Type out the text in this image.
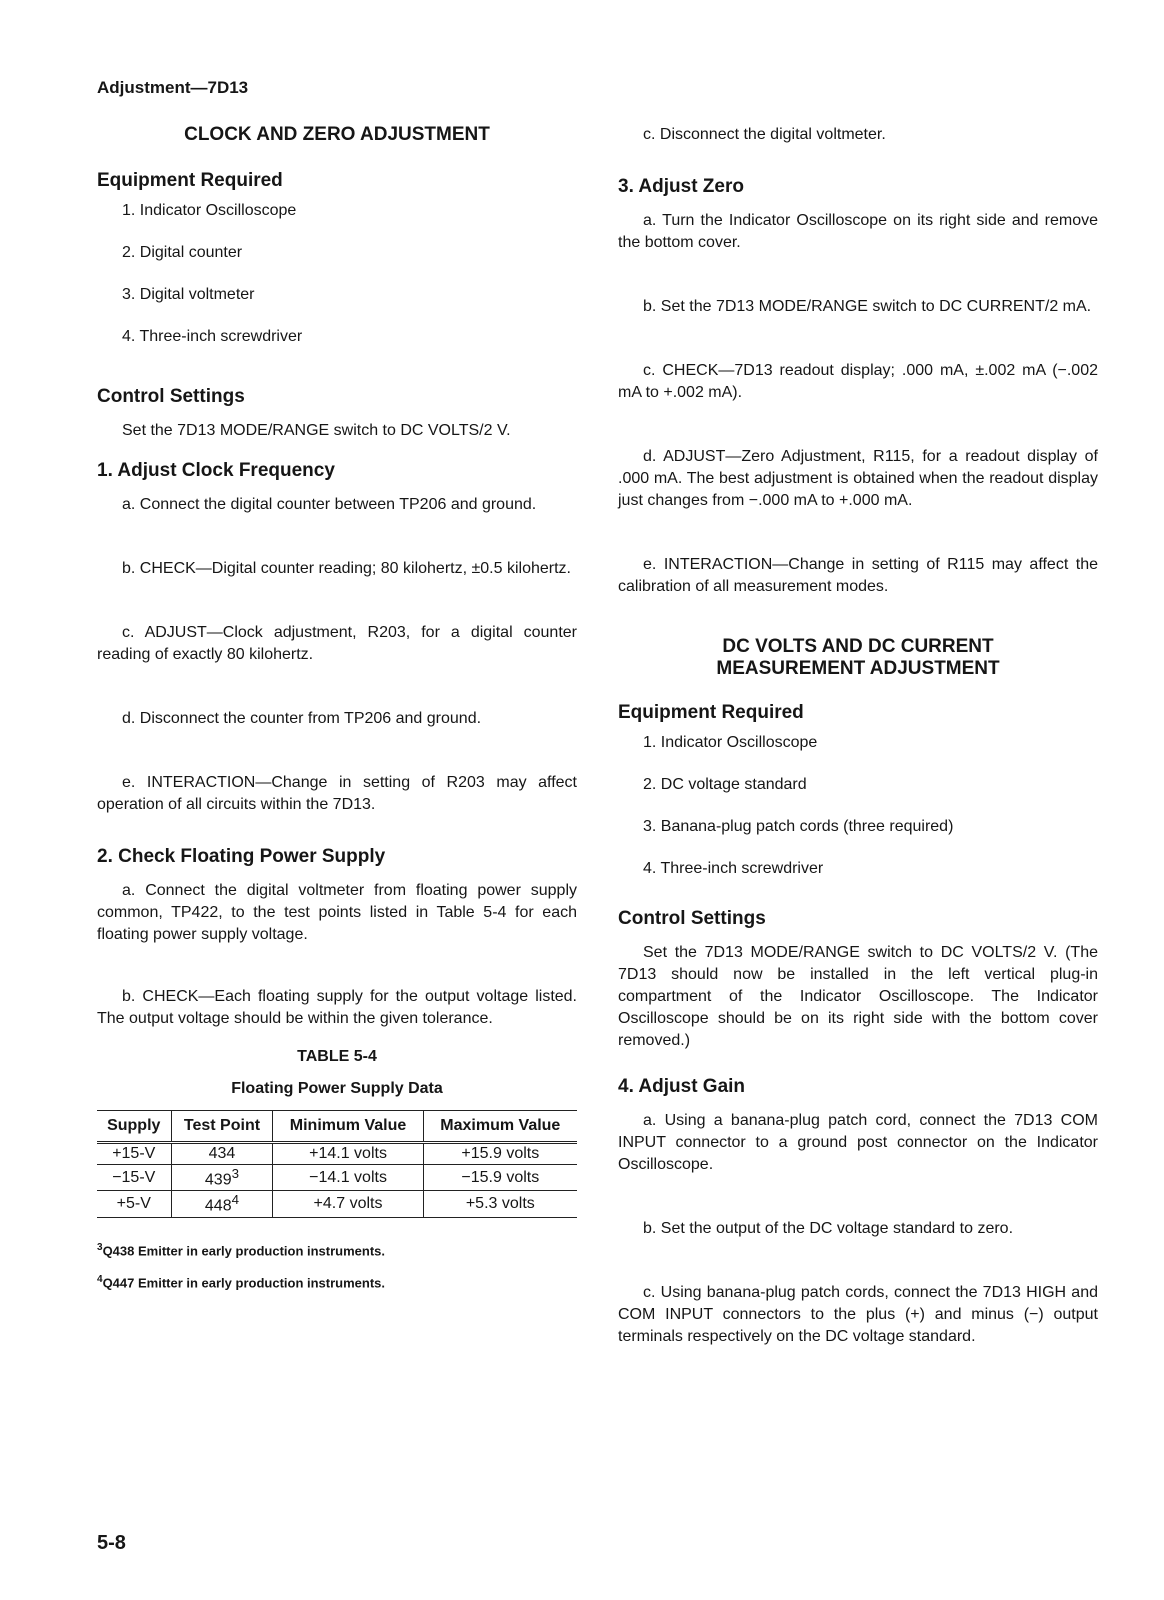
Adjustment—7D13
CLOCK AND ZERO ADJUSTMENT
Equipment Required
1. Indicator Oscilloscope
2. Digital counter
3. Digital voltmeter
4. Three-inch screwdriver
Control Settings

Set the 7D13 MODE/RANGE switch to DC VOLTS/2 V.

1. Adjust Clock Frequency

a. Connect the digital counter between TP206 and ground.

b. CHECK—Digital counter reading; 80 kilohertz, ±0.5 kilohertz.

c. ADJUST—Clock adjustment, R203, for a digital counter reading of exactly 80 kilohertz.

d. Disconnect the counter from TP206 and ground.

e. INTERACTION—Change in setting of R203 may affect operation of all circuits within the 7D13.

2. Check Floating Power Supply

a. Connect the digital voltmeter from floating power supply common, TP422, to the test points listed in Table 5-4 for each floating power supply voltage.

b. CHECK—Each floating supply for the output voltage listed. The output voltage should be within the given tolerance.

TABLE 5-4
Floating Power Supply Data
Supply	Test Point	Minimum Value	Maximum Value
+15-V	434	+14.1 volts	+15.9 volts
−15-V	$439^3$	−14.1 volts	−15.9 volts
+5-V	$448^4$	+4.7 volts	+5.3 volts
$^3$Q438 Emitter in early production instruments.
$^4$Q447 Emitter in early production instruments.

c. Disconnect the digital voltmeter.

3. Adjust Zero

a. Turn the Indicator Oscilloscope on its right side and remove the bottom cover.

b. Set the 7D13 MODE/RANGE switch to DC CURRENT/2 mA.

c. CHECK—7D13 readout display; .000 mA, ±.002 mA (−.002 mA to +.002 mA).

d. ADJUST—Zero Adjustment, R115, for a readout display of .000 mA. The best adjustment is obtained when the readout display just changes from −.000 mA to +.000 mA.

e. INTERACTION—Change in setting of R115 may affect the calibration of all measurement modes.

DC VOLTS AND DC CURRENT
MEASUREMENT ADJUSTMENT
Equipment Required
1. Indicator Oscilloscope
2. DC voltage standard
3. Banana-plug patch cords (three required)
4. Three-inch screwdriver
Control Settings

Set the 7D13 MODE/RANGE switch to DC VOLTS/2 V. (The 7D13 should now be installed in the left vertical plug-in compartment of the Indicator Oscilloscope. The Indicator Oscilloscope should be on its right side with the bottom cover removed.)

4. Adjust Gain

a. Using a banana-plug patch cord, connect the 7D13 COM INPUT connector to a ground post connector on the Indicator Oscilloscope.

b. Set the output of the DC voltage standard to zero.

c. Using banana-plug patch cords, connect the 7D13 HIGH and COM INPUT connectors to the plus (+) and minus (−) output terminals respectively on the DC voltage standard.

5-8
